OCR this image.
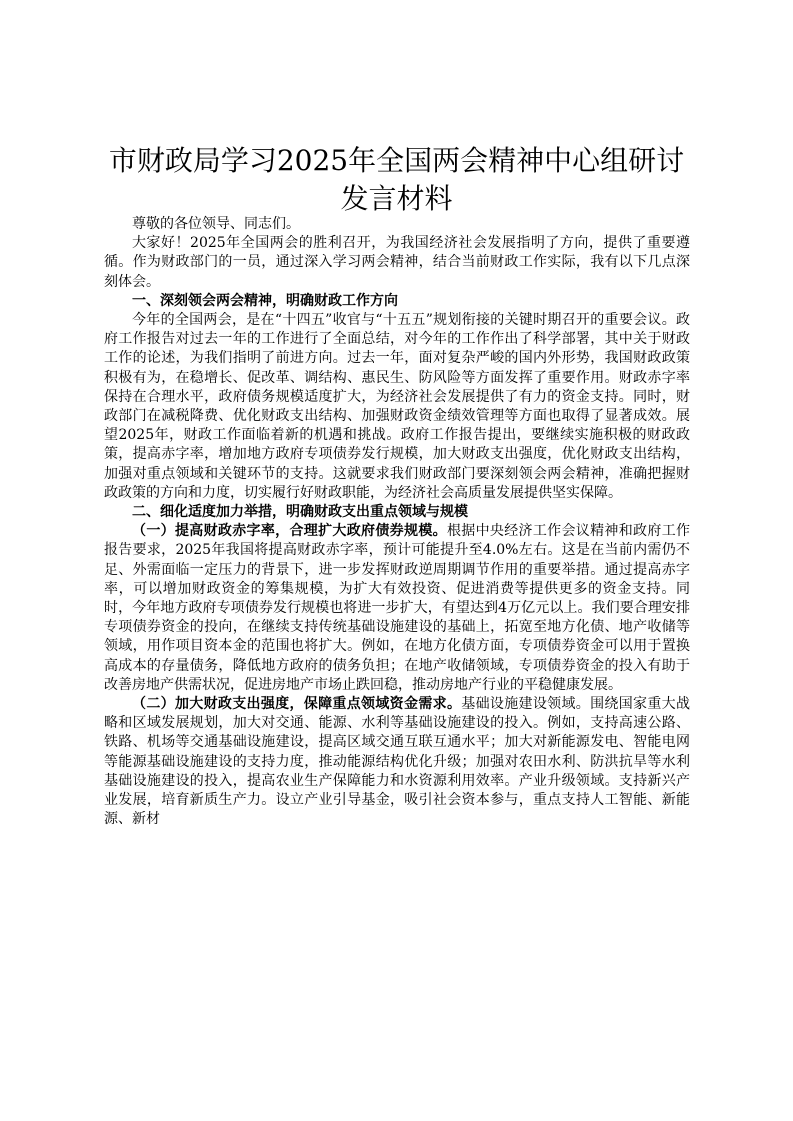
市财政局学习2025年全国两会精神中心组研讨发言材料

尊敬的各位领导、同志们。

大家好！2025年全国两会的胜利召开，为我国经济社会发展指明了方向，提供了重要遵循。作为财政部门的一员，通过深入学习两会精神，结合当前财政工作实际，我有以下几点深刻体会。

一、深刻领会两会精神，明确财政工作方向

今年的全国两会，是在“十四五”收官与“十五五”规划衔接的关键时期召开的重要会议。政府工作报告对过去一年的工作进行了全面总结，对今年的工作作出了科学部署，其中关于财政工作的论述，为我们指明了前进方向。过去一年，面对复杂严峻的国内外形势，我国财政政策积极有为，在稳增长、促改革、调结构、惠民生、防风险等方面发挥了重要作用。财政赤字率保持在合理水平，政府债务规模适度扩大，为经济社会发展提供了有力的资金支持。同时，财政部门在减税降费、优化财政支出结构、加强财政资金绩效管理等方面也取得了显著成效。展望2025年，财政工作面临着新的机遇和挑战。政府工作报告提出，要继续实施积极的财政政策，提高赤字率，增加地方政府专项债券发行规模，加大财政支出强度，优化财政支出结构，加强对重点领域和关键环节的支持。这就要求我们财政部门要深刻领会两会精神，准确把握财政政策的方向和力度，切实履行好财政职能，为经济社会高质量发展提供坚实保障。

二、细化适度加力举措，明确财政支出重点领域与规模

（一）提高财政赤字率，合理扩大政府债券规模。根据中央经济工作会议精神和政府工作报告要求，2025年我国将提高财政赤字率，预计可能提升至4.0%左右。这是在当前内需仍不足、外需面临一定压力的背景下，进一步发挥财政逆周期调节作用的重要举措。通过提高赤字率，可以增加财政资金的筹集规模，为扩大有效投资、促进消费等提供更多的资金支持。同时，今年地方政府专项债券发行规模也将进一步扩大，有望达到4万亿元以上。我们要合理安排专项债券资金的投向，在继续支持传统基础设施建设的基础上，拓宽至地方化债、地产收储等领域，用作项目资本金的范围也将扩大。例如，在地方化债方面，专项债券资金可以用于置换高成本的存量债务，降低地方政府的债务负担；在地产收储领域，专项债券资金的投入有助于改善房地产供需状况，促进房地产市场止跌回稳，推动房地产行业的平稳健康发展。

（二）加大财政支出强度，保障重点领域资金需求。基础设施建设领域。围绕国家重大战略和区域发展规划，加大对交通、能源、水利等基础设施建设的投入。例如，支持高速公路、铁路、机场等交通基础设施建设，提高区域交通互联互通水平；加大对新能源发电、智能电网等能源基础设施建设的支持力度，推动能源结构优化升级；加强对农田水利、防洪抗旱等水利基础设施建设的投入，提高农业生产保障能力和水资源利用效率。产业升级领域。支持新兴产业发展，培育新质生产力。设立产业引导基金，吸引社会资本参与，重点支持人工智能、新能源、新材
